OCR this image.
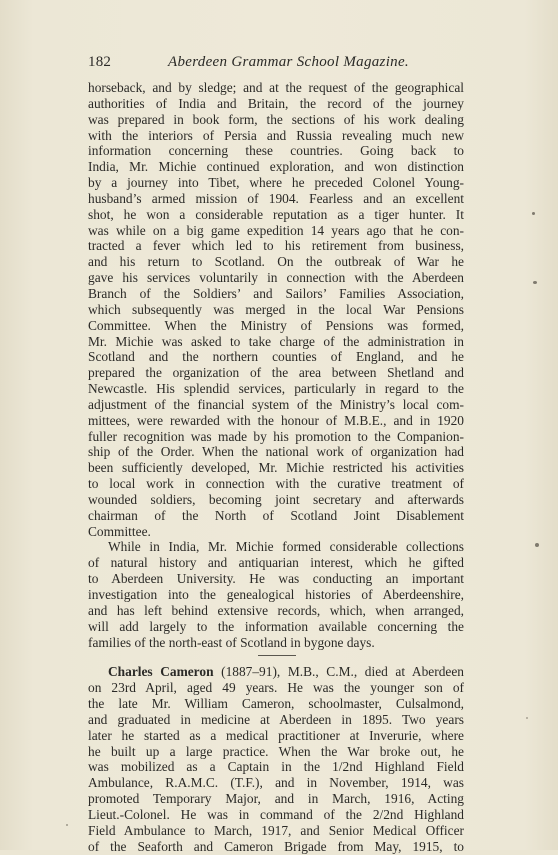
182	Aberdeen Grammar School Magazine.
horseback, and by sledge; and at the request of the geographical
authorities of India and Britain, the record of the journey
was prepared in book form, the sections of his work dealing
with the interiors of Persia and Russia revealing much new
information concerning these countries. Going back to
India, Mr. Michie continued exploration, and won distinction
by a journey into Tibet, where he preceded Colonel Young-
husband’s armed mission of 1904. Fearless and an excellent
shot, he won a considerable reputation as a tiger hunter. It
was while on a big game expedition 14 years ago that he con-
tracted a fever which led to his retirement from business,
and his return to Scotland. On the outbreak of War he
gave his services voluntarily in connection with the Aberdeen
Branch of the Soldiers’ and Sailors’ Families Association,
which subsequently was merged in the local War Pensions
Committee. When the Ministry of Pensions was formed,
Mr. Michie was asked to take charge of the administration in
Scotland and the northern counties of England, and he
prepared the organization of the area between Shetland and
Newcastle. His splendid services, particularly in regard to the
adjustment of the financial system of the Ministry’s local com-
mittees, were rewarded with the honour of M.B.E., and in 1920
fuller recognition was made by his promotion to the Companion-
ship of the Order. When the national work of organization had
been sufficiently developed, Mr. Michie restricted his activities
to local work in connection with the curative treatment of
wounded soldiers, becoming joint secretary and afterwards
chairman of the North of Scotland Joint Disablement
Committee.
While in India, Mr. Michie formed considerable collections
of natural history and antiquarian interest, which he gifted
to Aberdeen University. He was conducting an important
investigation into the genealogical histories of Aberdeenshire,
and has left behind extensive records, which, when arranged,
will add largely to the information available concerning the
families of the north-east of Scotland in bygone days.
Charles Cameron (1887–91), M.B., C.M., died at Aberdeen
on 23rd April, aged 49 years. He was the younger son of
the late Mr. William Cameron, schoolmaster, Culsalmond,
and graduated in medicine at Aberdeen in 1895. Two years
later he started as a medical practitioner at Inverurie, where
he built up a large practice. When the War broke out, he
was mobilized as a Captain in the 1/2nd Highland Field
Ambulance, R.A.M.C. (T.F.), and in November, 1914, was
promoted Temporary Major, and in March, 1916, Acting
Lieut.-Colonel. He was in command of the 2/2nd Highland
Field Ambulance to March, 1917, and Senior Medical Officer
of the Seaforth and Cameron Brigade from May, 1915, to
